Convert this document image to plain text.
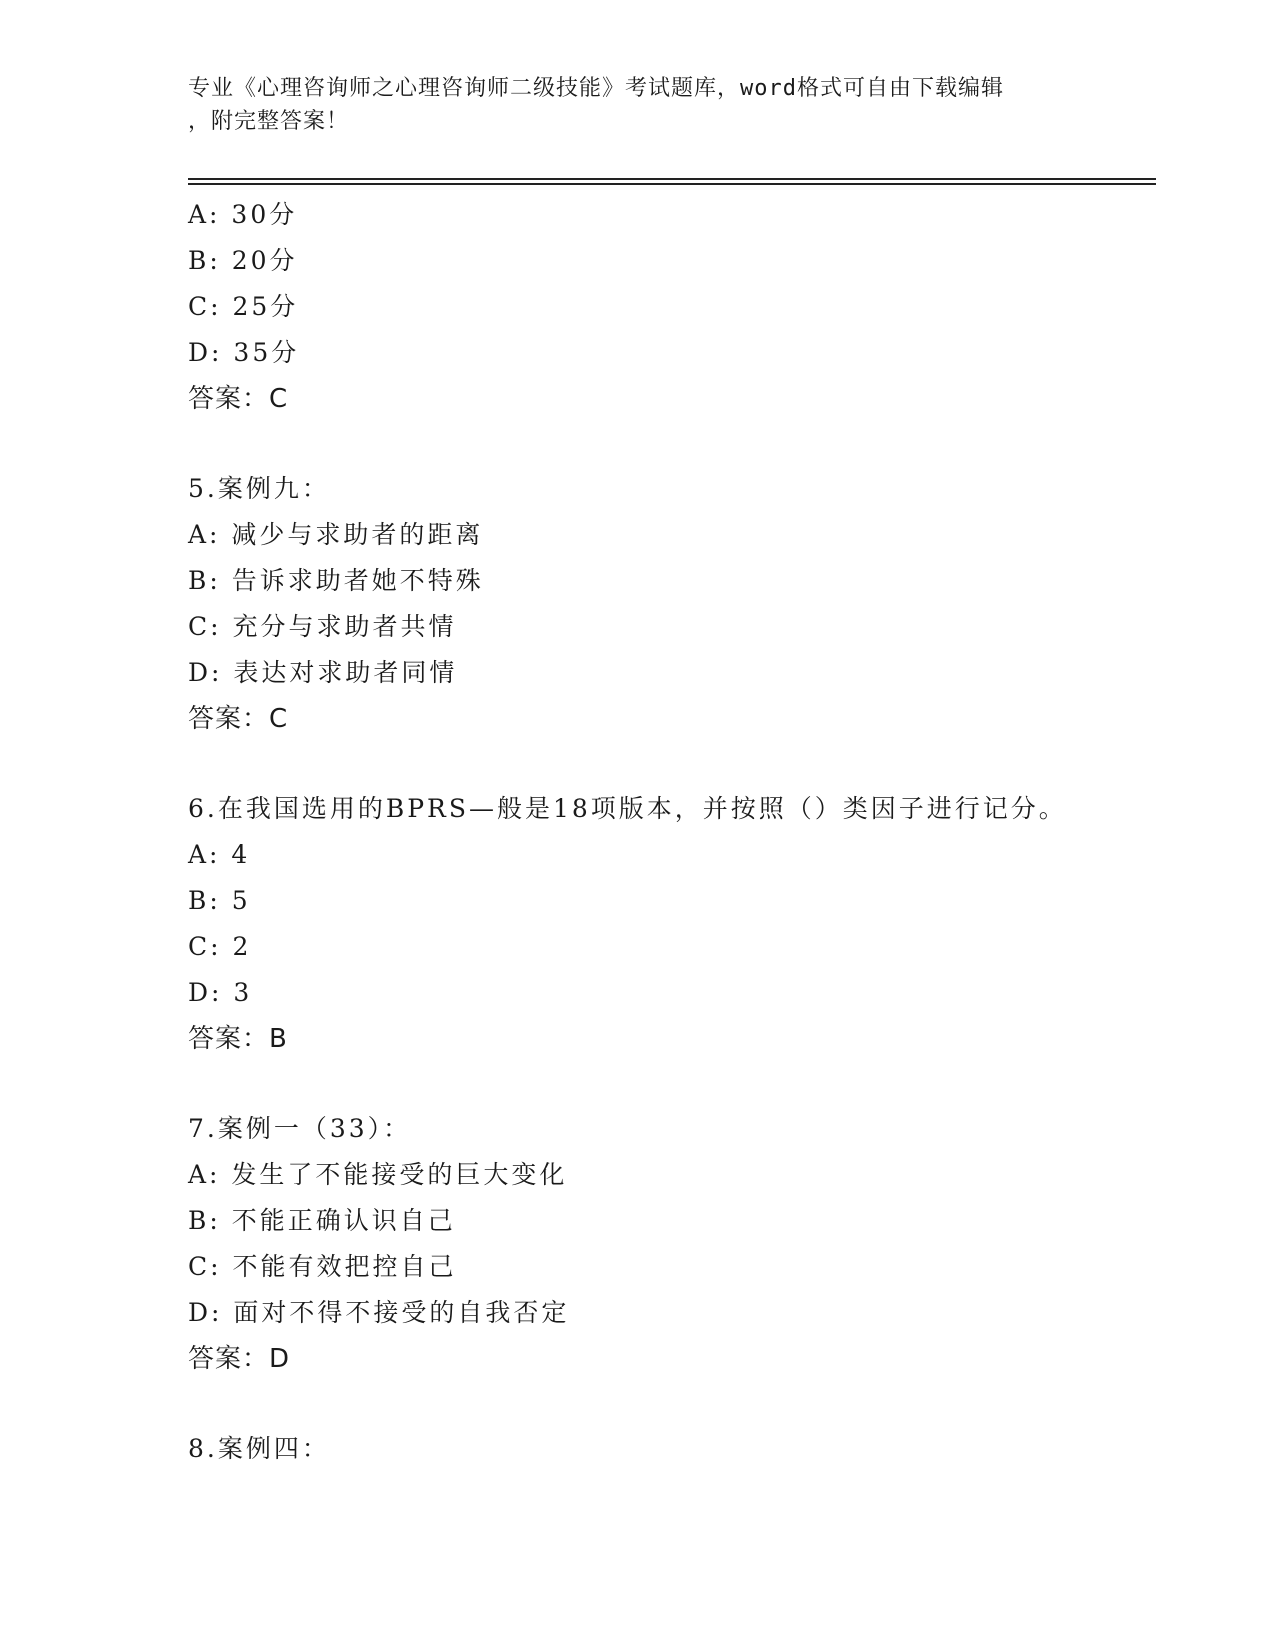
专业《心理咨询师之心理咨询师二级技能》考试题库，word格式可自由下载编辑
，附完整答案！
A: 30分
B: 20分
C: 25分
D: 35分
答案：C
5.案例九：
A: 减少与求助者的距离
B: 告诉求助者她不特殊
C: 充分与求助者共情
D: 表达对求助者同情
答案：C
6.在我国选用的BPRS—般是18项版本，并按照（）类因子进行记分。
A: 4
B: 5
C: 2
D: 3
答案：B
7.案例一（33）：
A: 发生了不能接受的巨大变化
B: 不能正确认识自己
C: 不能有效把控自己
D: 面对不得不接受的自我否定
答案：D
8.案例四：
